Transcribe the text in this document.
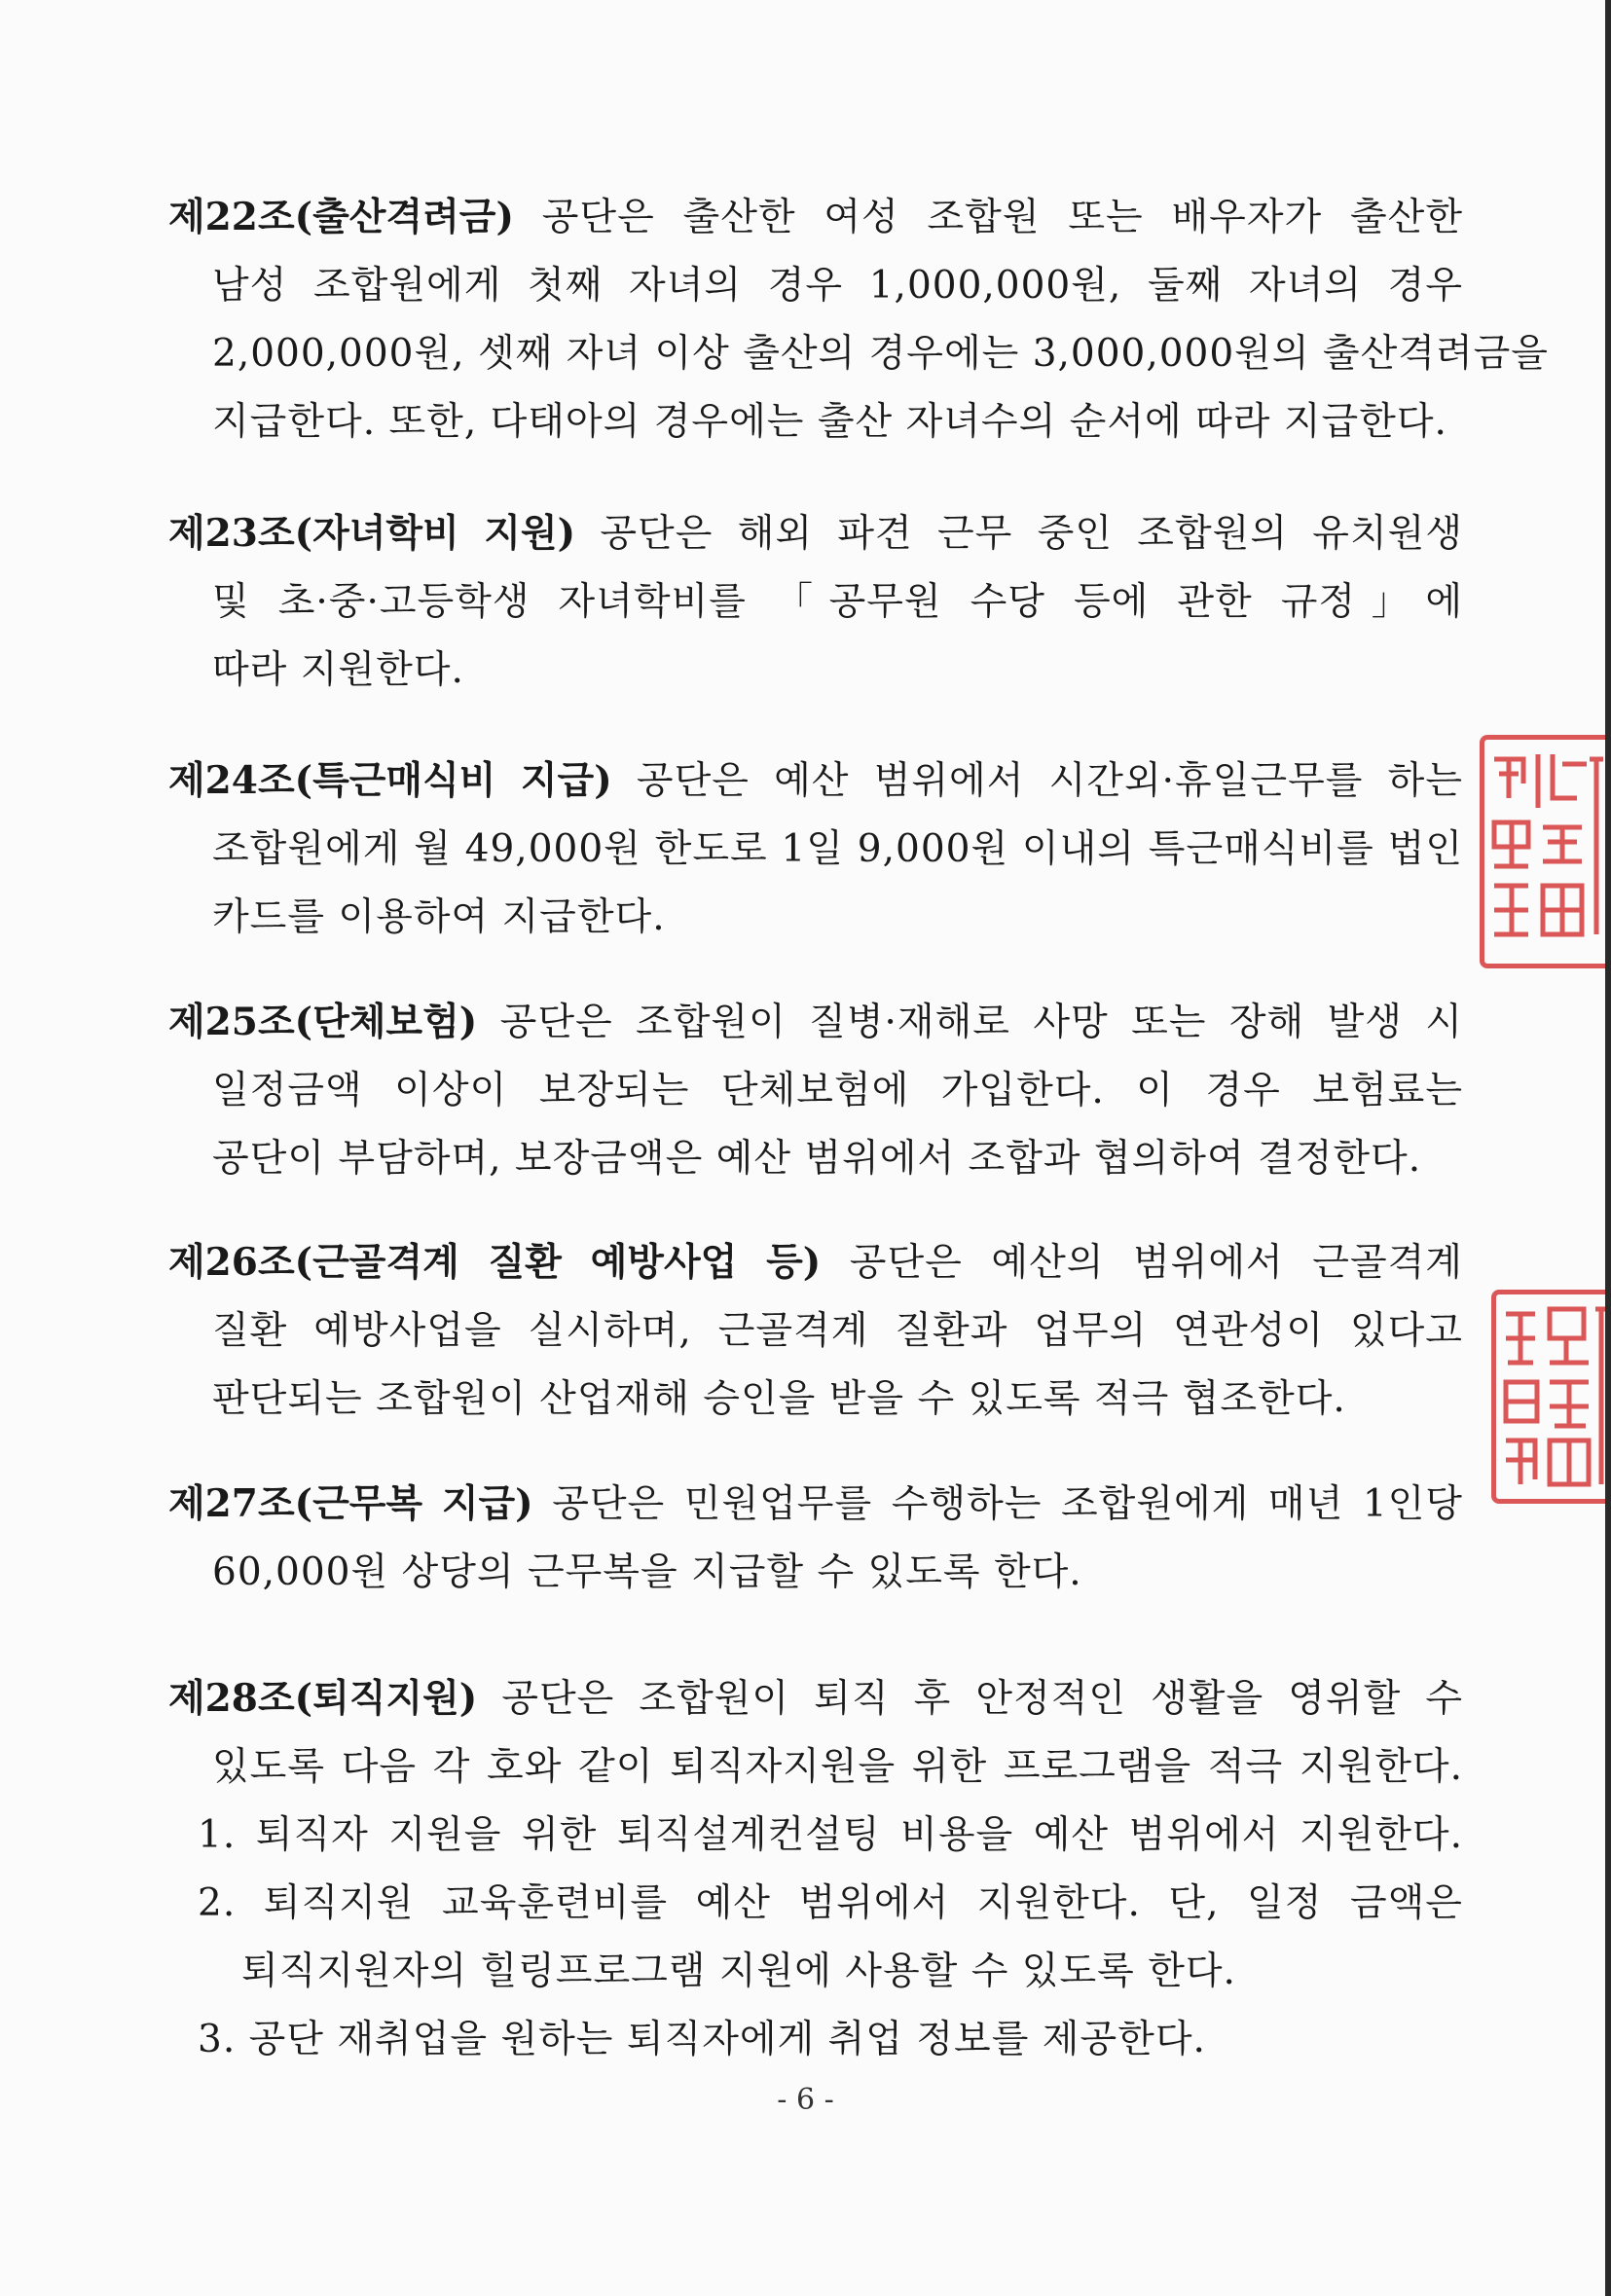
제22조(출산격려금) 공단은 출산한 여성 조합원 또는 배우자가 출산한
남성 조합원에게 첫째 자녀의 경우 1,000,000원, 둘째 자녀의 경우
2,000,000원, 셋째 자녀 이상 출산의 경우에는 3,000,000원의 출산격려금을
지급한다. 또한, 다태아의 경우에는 출산 자녀수의 순서에 따라 지급한다.
제23조(자녀학비 지원) 공단은 해외 파견 근무 중인 조합원의 유치원생
및 초·중·고등학생 자녀학비를 「공무원 수당 등에 관한 규정」에
따라 지원한다.
제24조(특근매식비 지급) 공단은 예산 범위에서 시간외·휴일근무를 하는
조합원에게 월 49,000원 한도로 1일 9,000원 이내의 특근매식비를 법인
카드를 이용하여 지급한다.
제25조(단체보험) 공단은 조합원이 질병·재해로 사망 또는 장해 발생 시
일정금액 이상이 보장되는 단체보험에 가입한다. 이 경우 보험료는
공단이 부담하며, 보장금액은 예산 범위에서 조합과 협의하여 결정한다.
제26조(근골격계 질환 예방사업 등) 공단은 예산의 범위에서 근골격계
질환 예방사업을 실시하며, 근골격계 질환과 업무의 연관성이 있다고
판단되는 조합원이 산업재해 승인을 받을 수 있도록 적극 협조한다.
제27조(근무복 지급) 공단은 민원업무를 수행하는 조합원에게 매년 1인당
60,000원 상당의 근무복을 지급할 수 있도록 한다.
제28조(퇴직지원) 공단은 조합원이 퇴직 후 안정적인 생활을 영위할 수
있도록 다음 각 호와 같이 퇴직자지원을 위한 프로그램을 적극 지원한다.
1. 퇴직자 지원을 위한 퇴직설계컨설팅 비용을 예산 범위에서 지원한다.
2. 퇴직지원 교육훈련비를 예산 범위에서 지원한다. 단, 일정 금액은
퇴직지원자의 힐링프로그램 지원에 사용할 수 있도록 한다.
3. 공단 재취업을 원하는 퇴직자에게 취업 정보를 제공한다.
- 6 -
